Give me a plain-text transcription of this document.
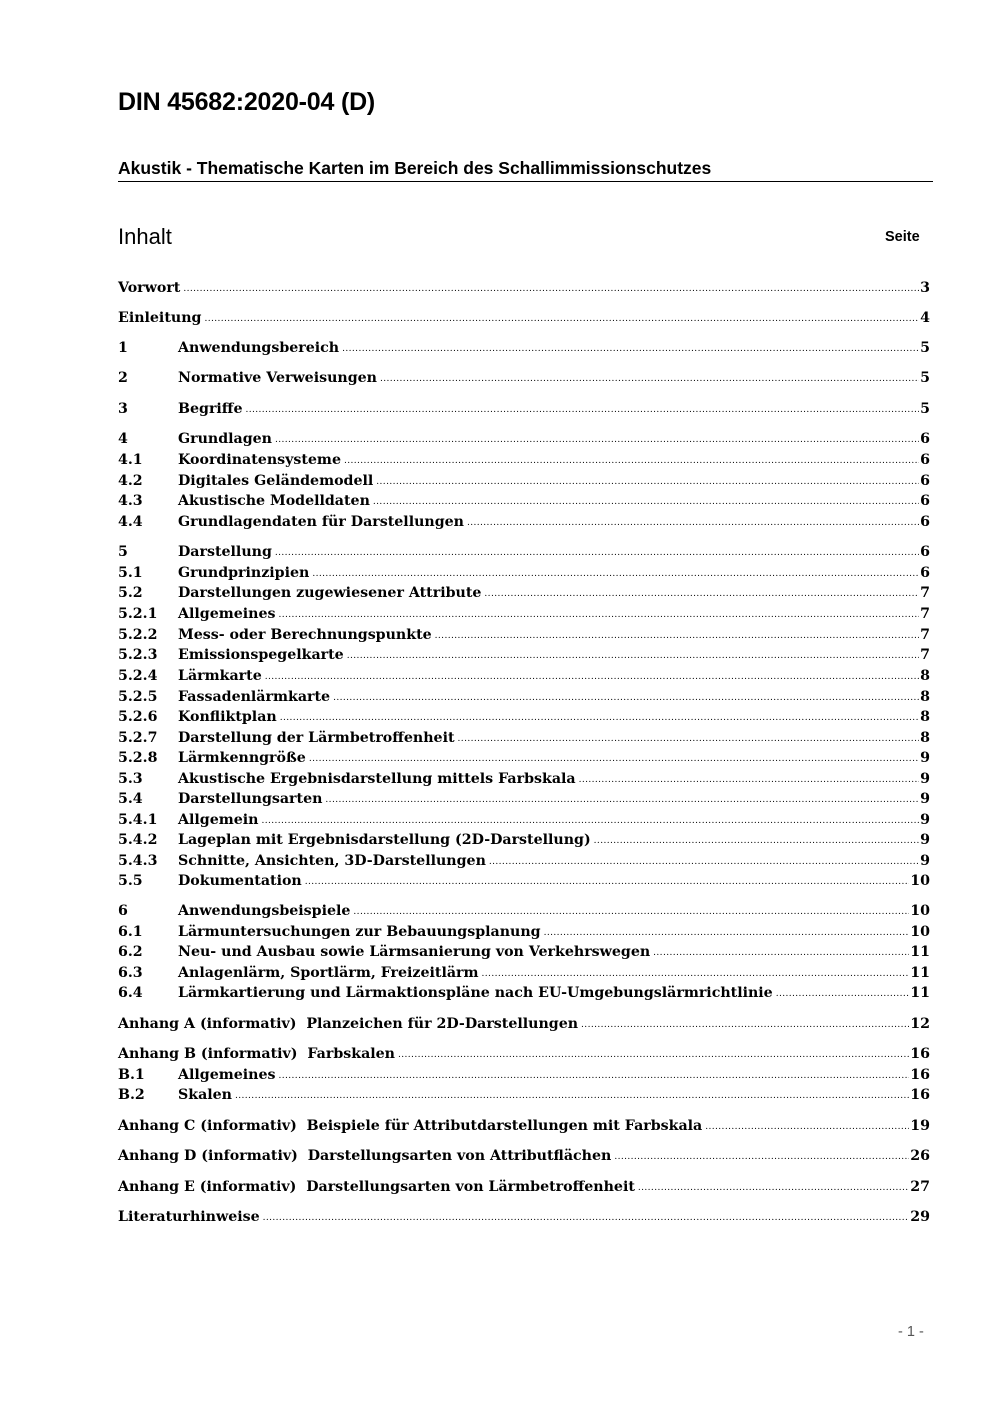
DIN 45682:2020-04 (D)
Akustik - Thematische Karten im Bereich des Schallimmissionschutzes
Inhalt	Seite
Vorwort .....	3
Einleitung .....	4
1	Anwendungsbereich .....	5
2	Normative Verweisungen .....	5
3	Begriffe .....	5
4	Grundlagen .....	6
4.1	Koordinatensysteme .....	6
4.2	Digitales Geländemodell .....	6
4.3	Akustische Modelldaten .....	6
4.4	Grundlagendaten für Darstellungen .....	6
5	Darstellung .....	6
5.1	Grundprinzipien .....	6
5.2	Darstellungen zugewiesener Attribute .....	7
5.2.1	Allgemeines .....	7
5.2.2	Mess- oder Berechnungspunkte .....	7
5.2.3	Emissionspegelkarte .....	7
5.2.4	Lärmkarte .....	8
5.2.5	Fassadenlärmkarte .....	8
5.2.6	Konfliktplan .....	8
5.2.7	Darstellung der Lärmbetroffenheit .....	8
5.2.8	Lärmkenngröße .....	9
5.3	Akustische Ergebnisdarstellung mittels Farbskala .....	9
5.4	Darstellungsarten .....	9
5.4.1	Allgemein .....	9
5.4.2	Lageplan mit Ergebnisdarstellung (2D-Darstellung) .....	9
5.4.3	Schnitte, Ansichten, 3D-Darstellungen .....	9
5.5	Dokumentation .....	10
6	Anwendungsbeispiele .....	10
6.1	Lärmuntersuchungen zur Bebauungsplanung .....	10
6.2	Neu- und Ausbau sowie Lärmsanierung von Verkehrswegen .....	11
6.3	Anlagenlärm, Sportlärm, Freizeitlärm .....	11
6.4	Lärmkartierung und Lärmaktionspläne nach EU-Umgebungslärmrichtlinie .....	11
Anhang A (informativ)  Planzeichen für 2D-Darstellungen .....	12
Anhang B (informativ)  Farbskalen .....	16
B.1	Allgemeines .....	16
B.2	Skalen .....	16
Anhang C (informativ)  Beispiele für Attributdarstellungen mit Farbskala .....	19
Anhang D (informativ)  Darstellungsarten von Attributflächen .....	26
Anhang E (informativ)  Darstellungsarten von Lärmbetroffenheit .....	27
Literaturhinweise .....	29
- 1 -
